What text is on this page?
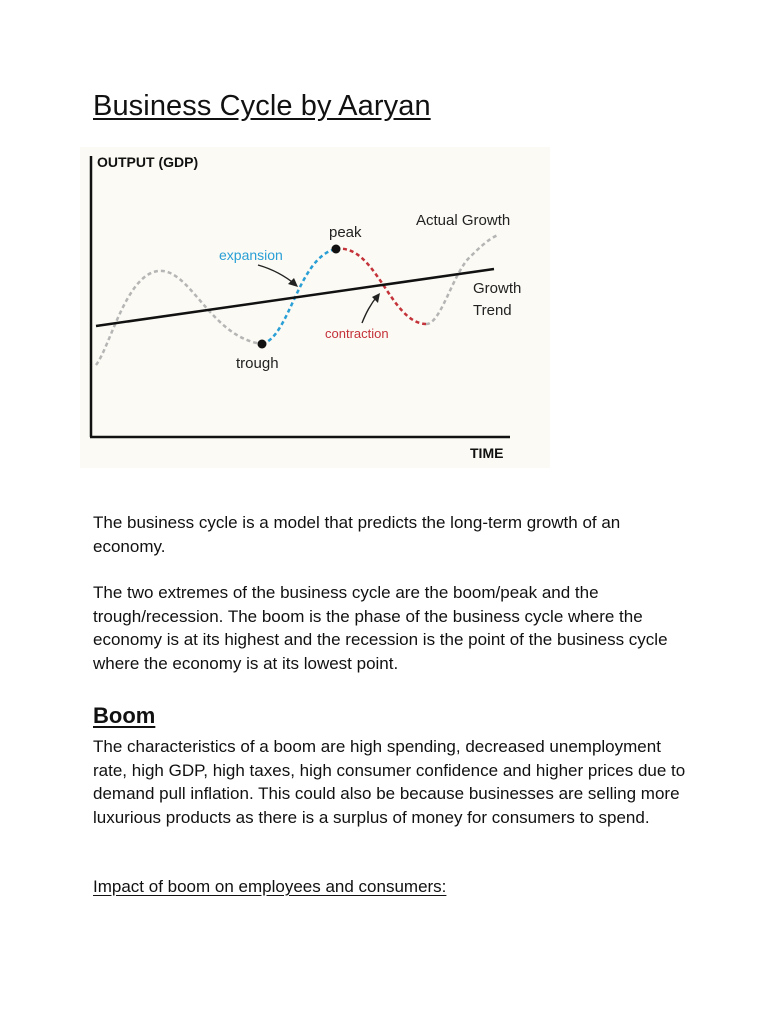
Business Cycle by Aaryan
OUTPUT (GDP)
TIME
expansion
peak
Actual Growth
Growth
Trend
contraction
trough

The business cycle is a model that predicts the long-term growth of an economy.

The two extremes of the business cycle are the boom/peak and the trough/recession. The boom is the phase of the business cycle where the economy is at its highest and the recession is the point of the business cycle where the economy is at its lowest point.

Boom

The characteristics of a boom are high spending, decreased unemployment rate, high GDP, high taxes, high consumer confidence and higher prices due to demand pull inflation. This could also be because businesses are selling more luxurious products as there is a surplus of money for consumers to spend.

Impact of boom on employees and consumers:
